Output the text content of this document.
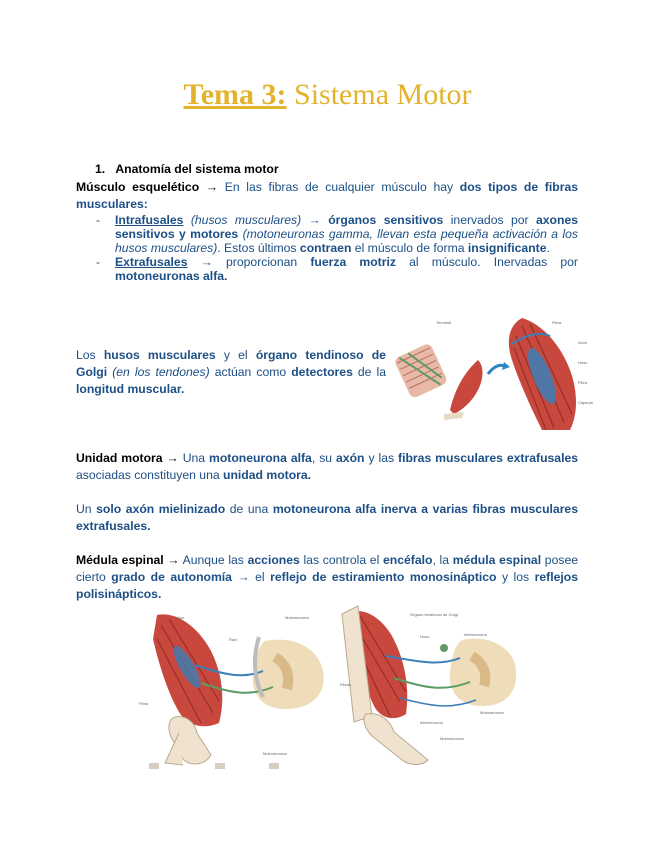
Tema 3: Sistema Motor
1. Anatomía del sistema motor

Músculo esquelético → En las fibras de cualquier músculo hay dos tipos de fibras musculares:

- Intrafusales (husos musculares) → órganos sensitivos inervados por axones sensitivos y motores (motoneuronas gamma, llevan esta pequeña activación a los husos musculares). Estos últimos contraen el músculo de forma insignificante.
- Extrafusales → proporcionan fuerza motriz al músculo. Inervadas por motoneuronas alfa.

Los husos musculares y el órgano tendinoso de Golgi (en los tendones) actúan como detectores de la longitud muscular.

Terminal	Fibra
Axón
Huso
Fibra
Cápsula

Unidad motora → Una motoneurona alfa, su axón y las fibras musculares extrafusales asociadas constituyen una unidad motora.

Un solo axón mielinizado de una motoneurona alfa inerva a varias fibras musculares extrafusales.

Médula espinal → Aunque las acciones las controla el encéfalo, la médula espinal posee cierto grado de autonomía → el reflejo de estiramiento monosináptico y los reflejos polisinápticos.

Huso
Raíz
Motoneurona
Fibra
Motoneurona
Órgano tendinoso de Golgi
Huso	Interneurona
Fibras
Interneurona
Motoneurona
Motoneurona
